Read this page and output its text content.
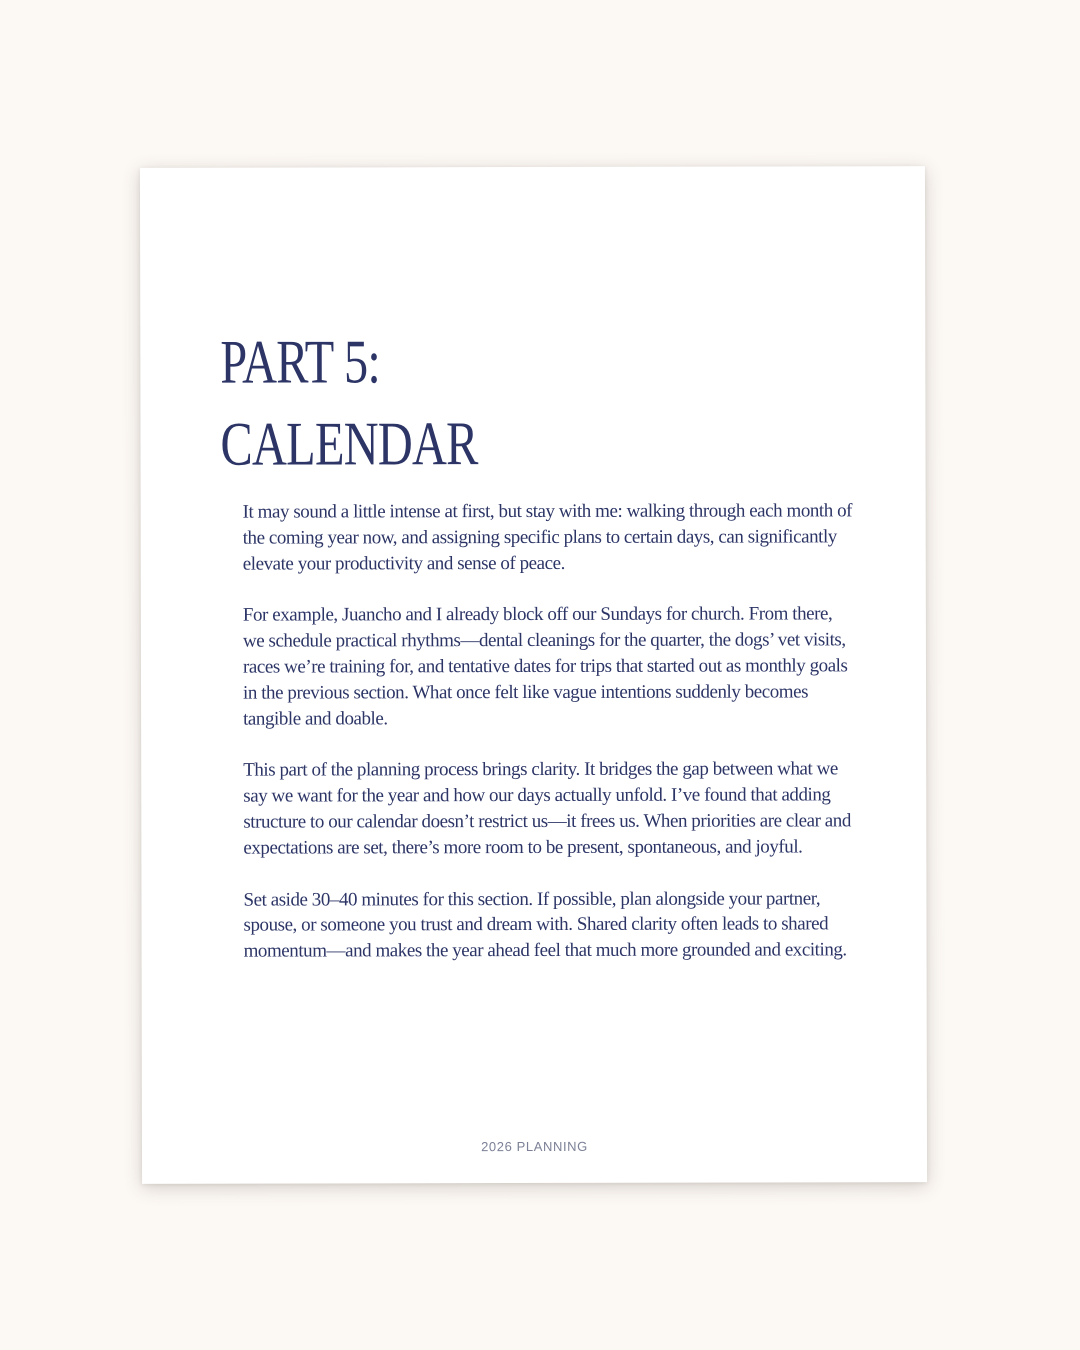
PART 5:
CALENDAR

It may sound a little intense at first, but stay with me: walking through each month of the coming year now, and assigning specific plans to certain days, can significantly elevate your productivity and sense of peace.

For example, Juancho and I already block off our Sundays for church. From there, we schedule practical rhythms—dental cleanings for the quarter, the dogs’ vet visits, races we’re training for, and tentative dates for trips that started out as monthly goals in the previous section. What once felt like vague intentions suddenly becomes tangible and doable.

This part of the planning process brings clarity. It bridges the gap between what we say we want for the year and how our days actually unfold. I’ve found that adding structure to our calendar doesn’t restrict us—it frees us. When priorities are clear and expectations are set, there’s more room to be present, spontaneous, and joyful.

Set aside 30–40 minutes for this section. If possible, plan alongside your partner, spouse, or someone you trust and dream with. Shared clarity often leads to shared momentum—and makes the year ahead feel that much more grounded and exciting.

2026 PLANNING
